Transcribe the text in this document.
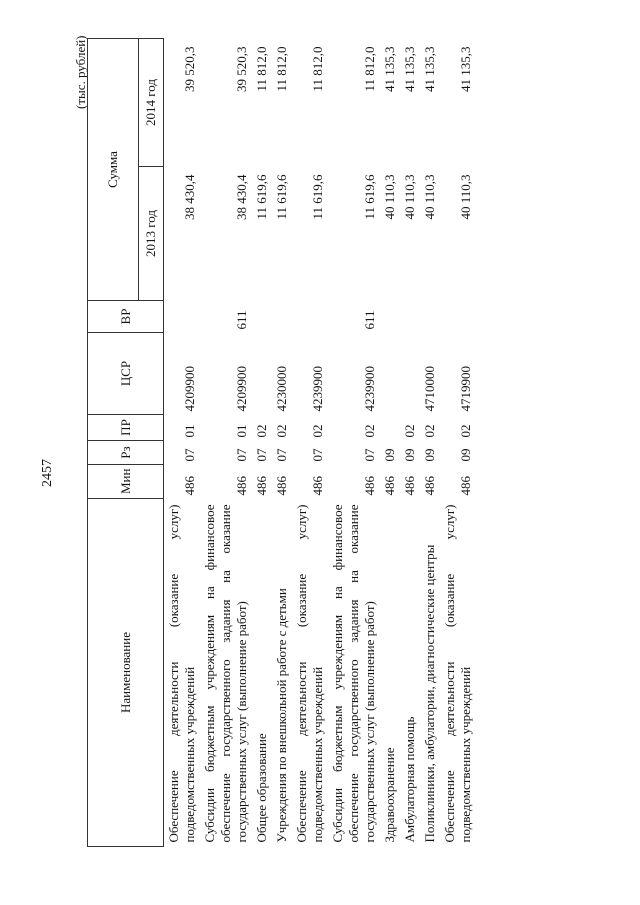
2457
(тыс. рублей)
Наименование	Мин	Рз	ПР	ЦСР	ВР	Сумма	
						2013 год	2014 год
Обеспечение деятельности (оказание услуг) подведомственных учреждений	486	07	01	4209900		38 430,4	39 520,3
Субсидии бюджетным учреждениям на финансовое обеспечение государственного задания на оказание государственных услуг (выполнение работ)	486	07	01	4209900	611	38 430,4	39 520,3
Общее образование	486	07	02			11 619,6	11 812,0
Учреждения по внешкольной работе с детьми	486	07	02	4230000		11 619,6	11 812,0
Обеспечение деятельности (оказание услуг) подведомственных учреждений	486	07	02	4239900		11 619,6	11 812,0
Субсидии бюджетным учреждениям на финансовое обеспечение государственного задания на оказание государственных услуг (выполнение работ)	486	07	02	4239900	611	11 619,6	11 812,0
Здравоохранение	486	09				40 110,3	41 135,3
Амбулаторная помощь	486	09	02			40 110,3	41 135,3
Поликлиники, амбулатории, диагностические центры	486	09	02	4710000		40 110,3	41 135,3
Обеспечение деятельности (оказание услуг) подведомственных учреждений	486	09	02	4719900		40 110,3	41 135,3
